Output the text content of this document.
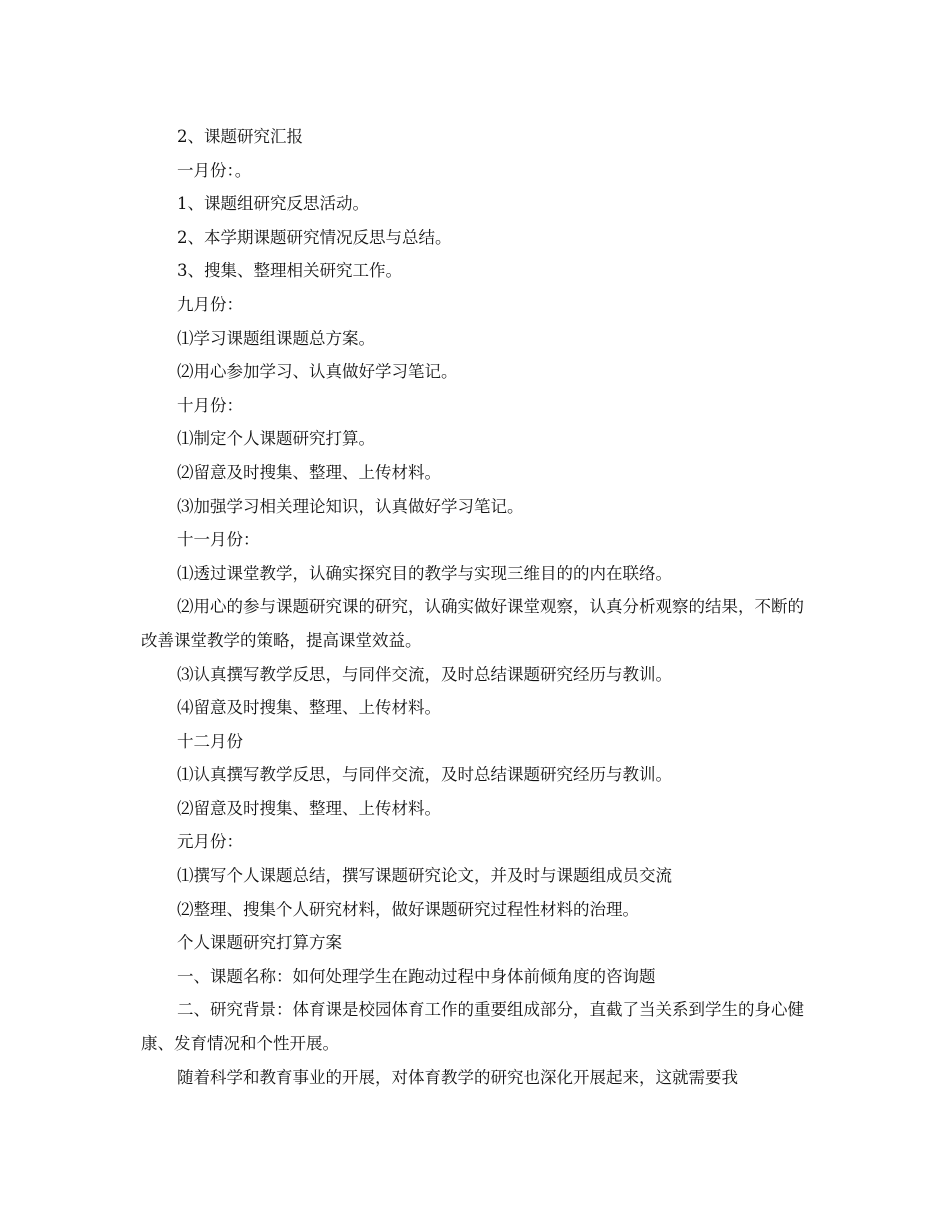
2、课题研究汇报

一月份：。

1、课题组研究反思活动。

2、本学期课题研究情况反思与总结。

3、搜集、整理相关研究工作。

九月份：

⑴学习课题组课题总方案。

⑵用心参加学习、认真做好学习笔记。

十月份：

⑴制定个人课题研究打算。

⑵留意及时搜集、整理、上传材料。

⑶加强学习相关理论知识，认真做好学习笔记。

十一月份：

⑴透过课堂教学，认确实探究目的教学与实现三维目的的内在联络。

⑵用心的参与课题研究课的研究，认确实做好课堂观察，认真分析观察的结果，不断的改善课堂教学的策略，提高课堂效益。

⑶认真撰写教学反思，与同伴交流，及时总结课题研究经历与教训。

⑷留意及时搜集、整理、上传材料。

十二月份

⑴认真撰写教学反思，与同伴交流，及时总结课题研究经历与教训。

⑵留意及时搜集、整理、上传材料。

元月份：

⑴撰写个人课题总结，撰写课题研究论文，并及时与课题组成员交流

⑵整理、搜集个人研究材料，做好课题研究过程性材料的治理。

个人课题研究打算方案

一、课题名称：如何处理学生在跑动过程中身体前倾角度的咨询题

二、研究背景：体育课是校园体育工作的重要组成部分，直截了当关系到学生的身心健康、发育情况和个性开展。

随着科学和教育事业的开展，对体育教学的研究也深化开展起来，这就需要我
